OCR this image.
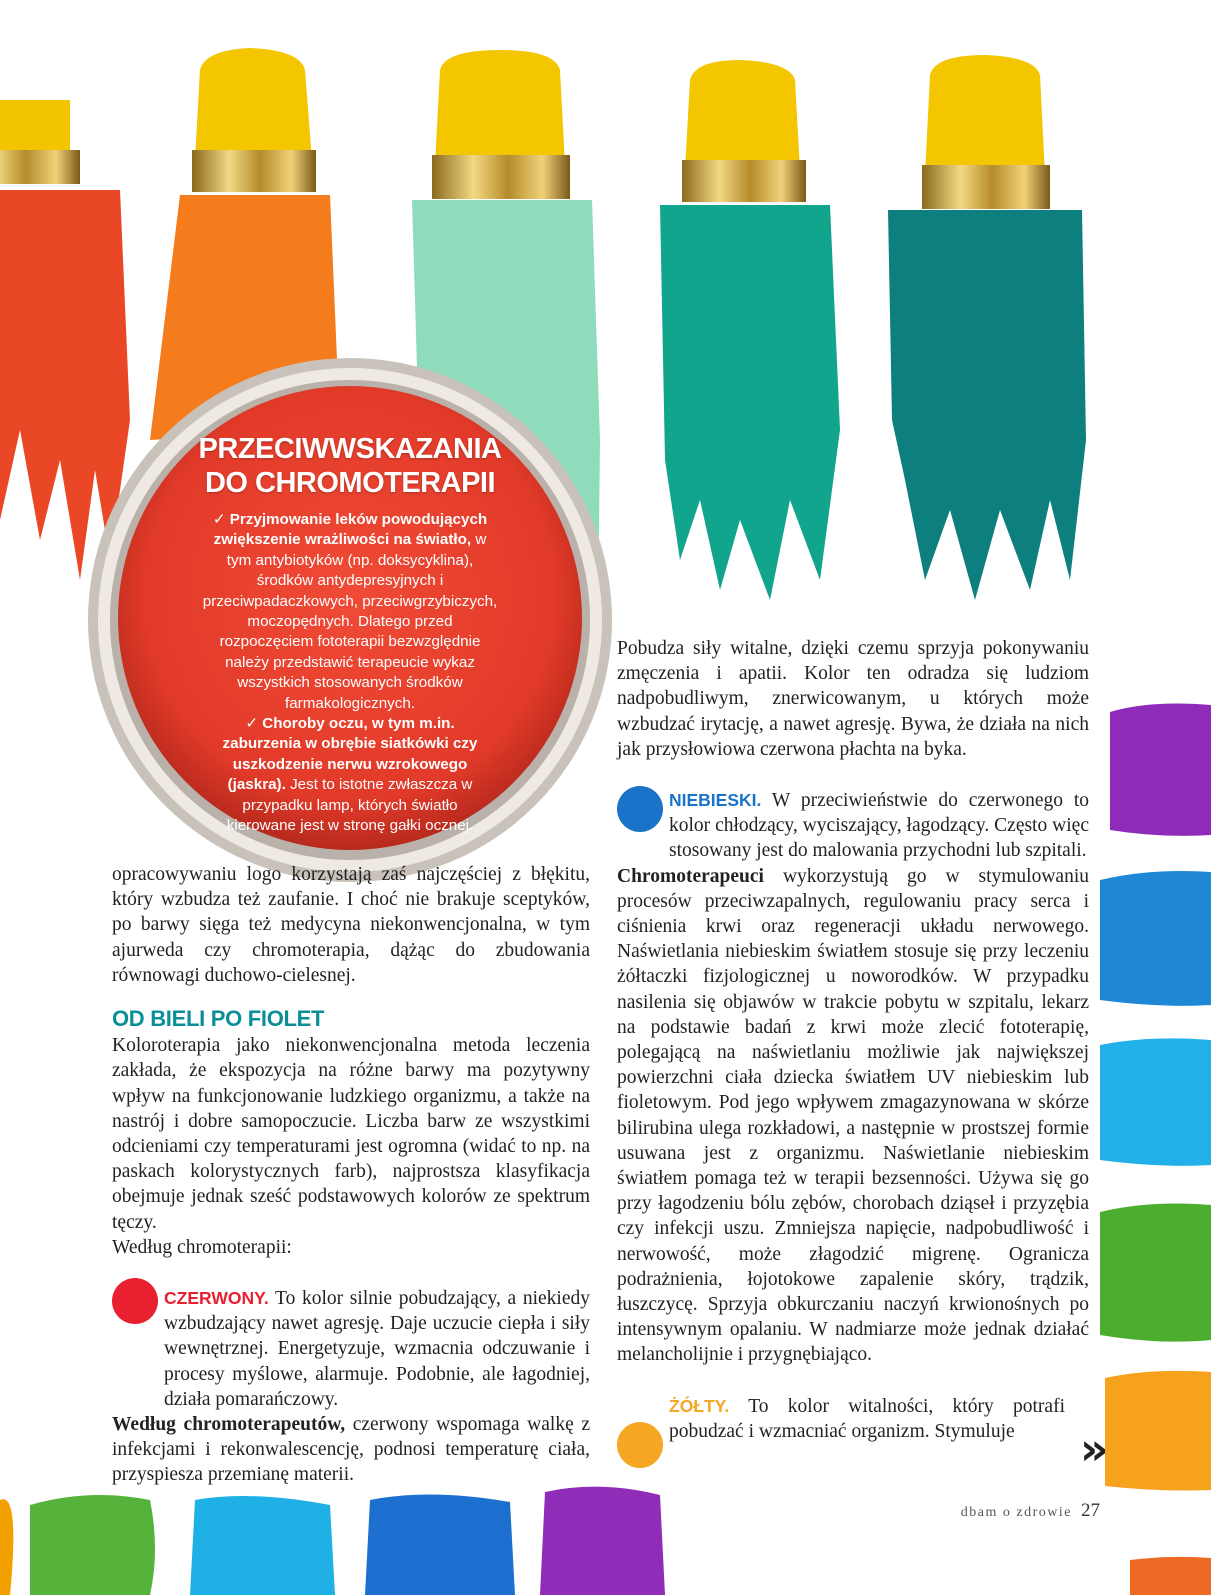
PRZECIWWSKAZANIA
DO CHROMOTERAPII
✓ Przyjmowanie leków powodujących zwiększenie wrażliwości na światło, w tym antybiotyków (np. doksycyklina), środków antydepresyjnych i przeciwpadaczkowych, przeciwgrzybiczych, moczopędnych. Dlatego przed rozpoczęciem fototerapii bezwzględnie należy przedstawić terapeucie wykaz wszystkich stosowanych środków farmakologicznych.
✓ Choroby oczu, w tym m.in. zaburzenia w obrębie siatkówki czy uszkodzenie nerwu wzrokowego (jaskra). Jest to istotne zwłaszcza w przypadku lamp, których światło kierowane jest w stronę gałki ocznej.

opracowywaniu logo korzystają zaś najczęściej z błękitu, który wzbudza też zaufanie. I choć nie brakuje sceptyków, po barwy sięga też medycyna niekonwencjonalna, w tym ajurweda czy chromoterapia, dążąc do zbudowania równowagi duchowo-cielesnej.

OD BIELI PO FIOLET

Koloroterapia jako niekonwencjonalna metoda leczenia zakłada, że ekspozycja na różne barwy ma pozytywny wpływ na funkcjonowanie ludzkiego organizmu, a także na nastrój i dobre samopoczucie. Liczba barw ze wszystkimi odcieniami czy temperaturami jest ogromna (widać to np. na paskach kolorystycznych farb), najprostsza klasyfikacja obejmuje jednak sześć podstawowych kolorów ze spektrum tęczy.

Według chromoterapii:

CZERWONY. To kolor silnie pobudzający, a niekiedy wzbudzający nawet agresję. Daje uczucie ciepła i siły wewnętrznej. Energetyzuje, wzmacnia odczuwanie i procesy myślowe, alarmuje. Podobnie, ale łagodniej, działa pomarańczowy.

Według chromoterapeutów, czerwony wspomaga walkę z infekcjami i rekonwalescencję, podnosi temperaturę ciała, przyspiesza przemianę materii.

Pobudza siły witalne, dzięki czemu sprzyja pokonywaniu zmęczenia i apatii. Kolor ten odradza się ludziom nadpobudliwym, znerwicowanym, u których może wzbudzać irytację, a nawet agresję. Bywa, że działa na nich jak przysłowiowa czerwona płachta na byka.

NIEBIESKI. W przeciwieństwie do czerwonego to kolor chłodzący, wyciszający, łagodzący. Często więc stosowany jest do malowania przychodni lub szpitali.

Chromoterapeuci wykorzystują go w stymulowaniu procesów przeciwzapalnych, regulowaniu pracy serca i ciśnienia krwi oraz regeneracji układu nerwowego. Naświetlania niebieskim światłem stosuje się przy leczeniu żółtaczki fizjologicznej u noworodków. W przypadku nasilenia się objawów w trakcie pobytu w szpitalu, lekarz na podstawie badań z krwi może zlecić fototerapię, polegającą na naświetlaniu możliwie jak największej powierzchni ciała dziecka światłem UV niebieskim lub fioletowym. Pod jego wpływem zmagazynowana w skórze bilirubina ulega rozkładowi, a następnie w prostszej formie usuwana jest z organizmu. Naświetlanie niebieskim światłem pomaga też w terapii bezsenności. Używa się go przy łagodzeniu bólu zębów, chorobach dziąseł i przyzębia czy infekcji uszu. Zmniejsza napięcie, nadpobudliwość i nerwowość, może złagodzić migrenę. Ogranicza podrażnienia, łojotokowe zapalenie skóry, trądzik, łuszczycę. Sprzyja obkurczaniu naczyń krwionośnych po intensywnym opalaniu. W nadmiarze może jednak działać melancholijnie i przygnębiająco.

ŻÓŁTY. To kolor witalności, który potrafi pobudzać i wzmacniać organizm. Stymuluje	»
dbam o zdrowie 27
